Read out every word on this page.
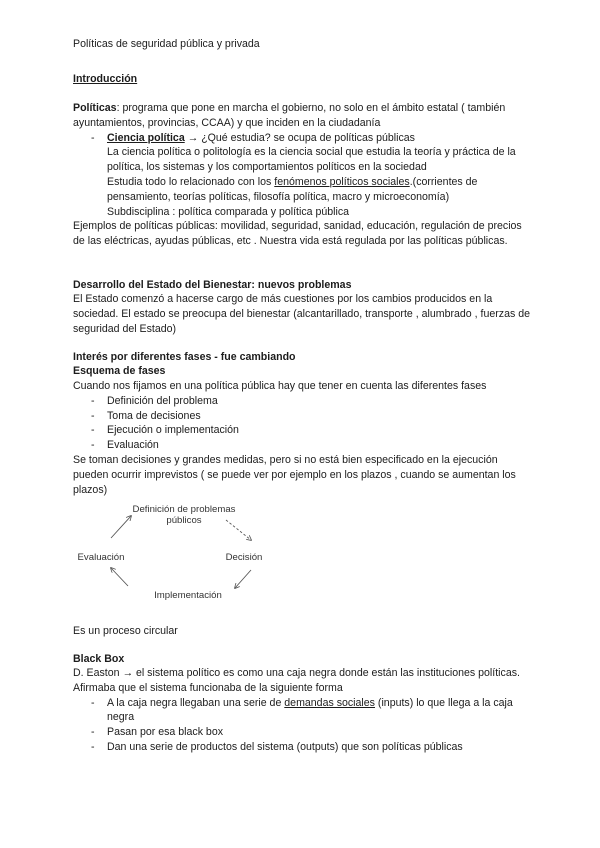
Políticas de seguridad pública y privada
Introducción

Políticas: programa que pone en marcha el gobierno, no solo en el ámbito estatal ( también ayuntamientos, provincias, CCAA) y que inciden en la ciudadanía

- Ciencia política → ¿Qué estudia? se ocupa de políticas públicas

La ciencia política o politología es la ciencia social que estudia la teoría y práctica de la política, los sistemas y los comportamientos políticos en la sociedad

Estudia todo lo relacionado con los fenómenos políticos sociales.(corrientes de pensamiento, teorías políticas, filosofía política, macro y microeconomía)

Subdisciplina : política comparada y política pública

Ejemplos de políticas públicas: movilidad, seguridad, sanidad, educación, regulación de precios de las eléctricas, ayudas públicas, etc . Nuestra vida está regulada por las políticas públicas.

Desarrollo del Estado del Bienestar: nuevos problemas
El Estado comenzó a hacerse cargo de más cuestiones por los cambios producidos en la sociedad. El estado se preocupa del bienestar (alcantarillado, transporte , alumbrado , fuerzas de seguridad del Estado)
Interés por diferentes fases - fue cambiando
Esquema de fases

Cuando nos fijamos en una política pública hay que tener en cuenta las diferentes fases

- Definición del problema
- Toma de decisiones
- Ejecución o implementación
- Evaluación

Se toman decisiones y grandes medidas, pero si no está bien especificado en la ejecución pueden ocurrir imprevistos ( se puede ver por ejemplo en los plazos , cuando se aumentan los plazos)

Definición de problemas públicos
Decisión
Implementación
Evaluación
Es un proceso circular
Black Box

D. Easton → el sistema político es como una caja negra donde están las instituciones políticas. Afirmaba que el sistema funcionaba de la siguiente forma

- A la caja negra llegaban una serie de demandas sociales (inputs) lo que llega a la caja negra
- Pasan por esa black box
- Dan una serie de productos del sistema (outputs) que son políticas públicas
